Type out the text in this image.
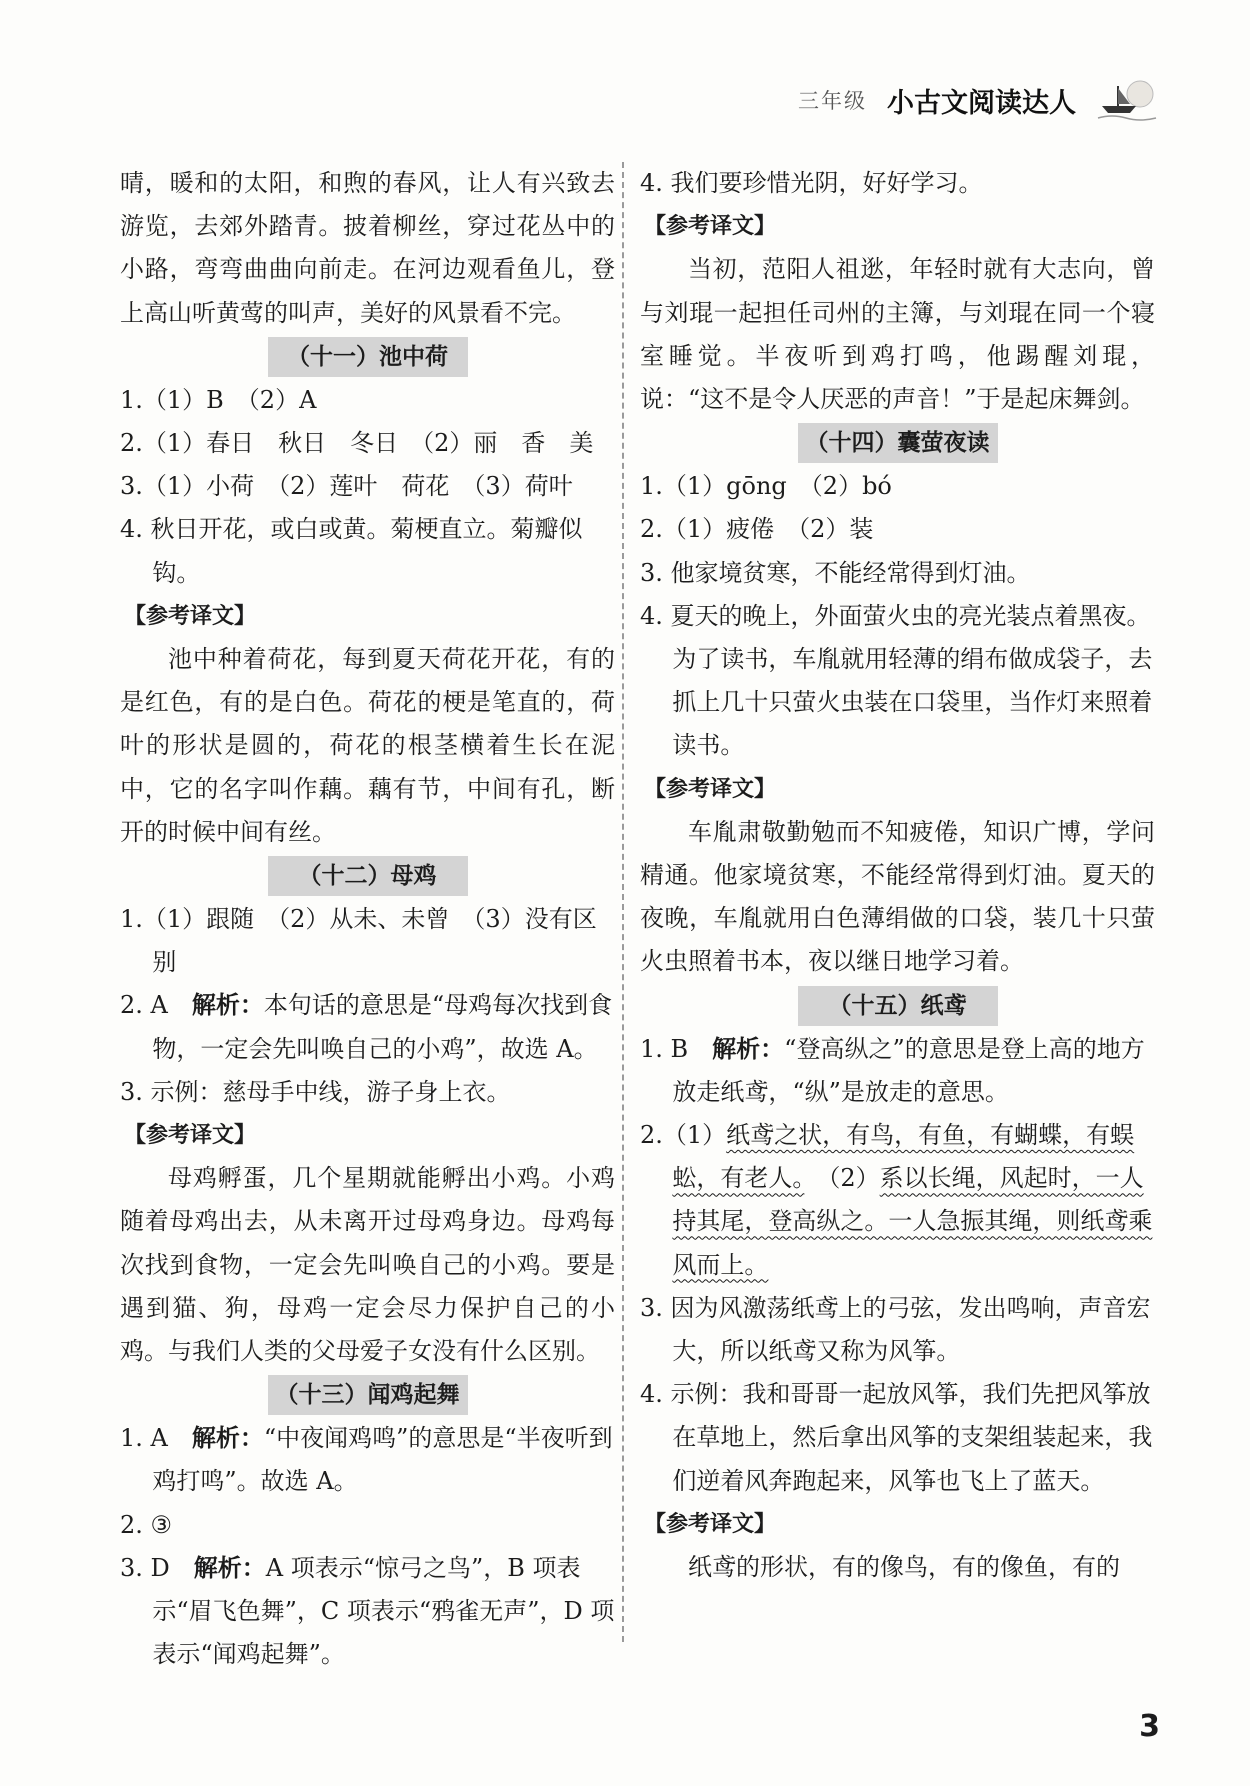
三年级 小古文阅读达人

晴，暖和的太阳，和煦的春风，让人有兴致去游览，去郊外踏青。披着柳丝，穿过花丛中的小路，弯弯曲曲向前走。在河边观看鱼儿，登上高山听黄莺的叫声，美好的风景看不完。

（十一）池中荷

1.（1）B　（2）A

2.（1）春日　秋日　冬日　（2）丽　香　美

3.（1）小荷　（2）莲叶　荷花　（3）荷叶

4. 秋日开花，或白或黄。菊梗直立。菊瓣似钩。

【参考译文】

池中种着荷花，每到夏天荷花开花，有的是红色，有的是白色。荷花的梗是笔直的，荷叶的形状是圆的，荷花的根茎横着生长在泥中，它的名字叫作藕。藕有节，中间有孔，断开的时候中间有丝。

（十二）母鸡

1.（1）跟随　（2）从未、未曾　（3）没有区别

2. A　解析：本句话的意思是“母鸡每次找到食物，一定会先叫唤自己的小鸡”，故选 A。

3. 示例：慈母手中线，游子身上衣。

【参考译文】

母鸡孵蛋，几个星期就能孵出小鸡。小鸡随着母鸡出去，从未离开过母鸡身边。母鸡每次找到食物，一定会先叫唤自己的小鸡。要是遇到猫、狗，母鸡一定会尽力保护自己的小鸡。与我们人类的父母爱子女没有什么区别。

（十三）闻鸡起舞

1. A　解析：“中夜闻鸡鸣”的意思是“半夜听到鸡打鸣”。故选 A。

2. ③

3. D　解析：A 项表示“惊弓之鸟”，B 项表示“眉飞色舞”，C 项表示“鸦雀无声”，D 项表示“闻鸡起舞”。

4. 我们要珍惜光阴，好好学习。

【参考译文】

当初，范阳人祖逖，年轻时就有大志向，曾与刘琨一起担任司州的主簿，与刘琨在同一个寝室睡觉。半夜听到鸡打鸣，他踢醒刘琨，说：“这不是令人厌恶的声音！”于是起床舞剑。

（十四）囊萤夜读

1.（1）gōng　（2）bó

2.（1）疲倦　（2）装

3. 他家境贫寒，不能经常得到灯油。

4. 夏天的晚上，外面萤火虫的亮光装点着黑夜。为了读书，车胤就用轻薄的绢布做成袋子，去抓上几十只萤火虫装在口袋里，当作灯来照着读书。

【参考译文】

车胤肃敬勤勉而不知疲倦，知识广博，学问精通。他家境贫寒，不能经常得到灯油。夏天的夜晚，车胤就用白色薄绢做的口袋，装几十只萤火虫照着书本，夜以继日地学习着。

（十五）纸鸢

1. B　解析：“登高纵之”的意思是登上高的地方放走纸鸢，“纵”是放走的意思。

2.（1）纸鸢之状，有鸟，有鱼，有蝴蝶，有蜈蚣，有老人。　（2）系以长绳，风起时，一人持其尾，登高纵之。一人急振其绳，则纸鸢乘风而上。

3. 因为风激荡纸鸢上的弓弦，发出鸣响，声音宏大，所以纸鸢又称为风筝。

4. 示例：我和哥哥一起放风筝，我们先把风筝放在草地上，然后拿出风筝的支架组装起来，我们逆着风奔跑起来，风筝也飞上了蓝天。

【参考译文】

纸鸢的形状，有的像鸟，有的像鱼，有的

3
